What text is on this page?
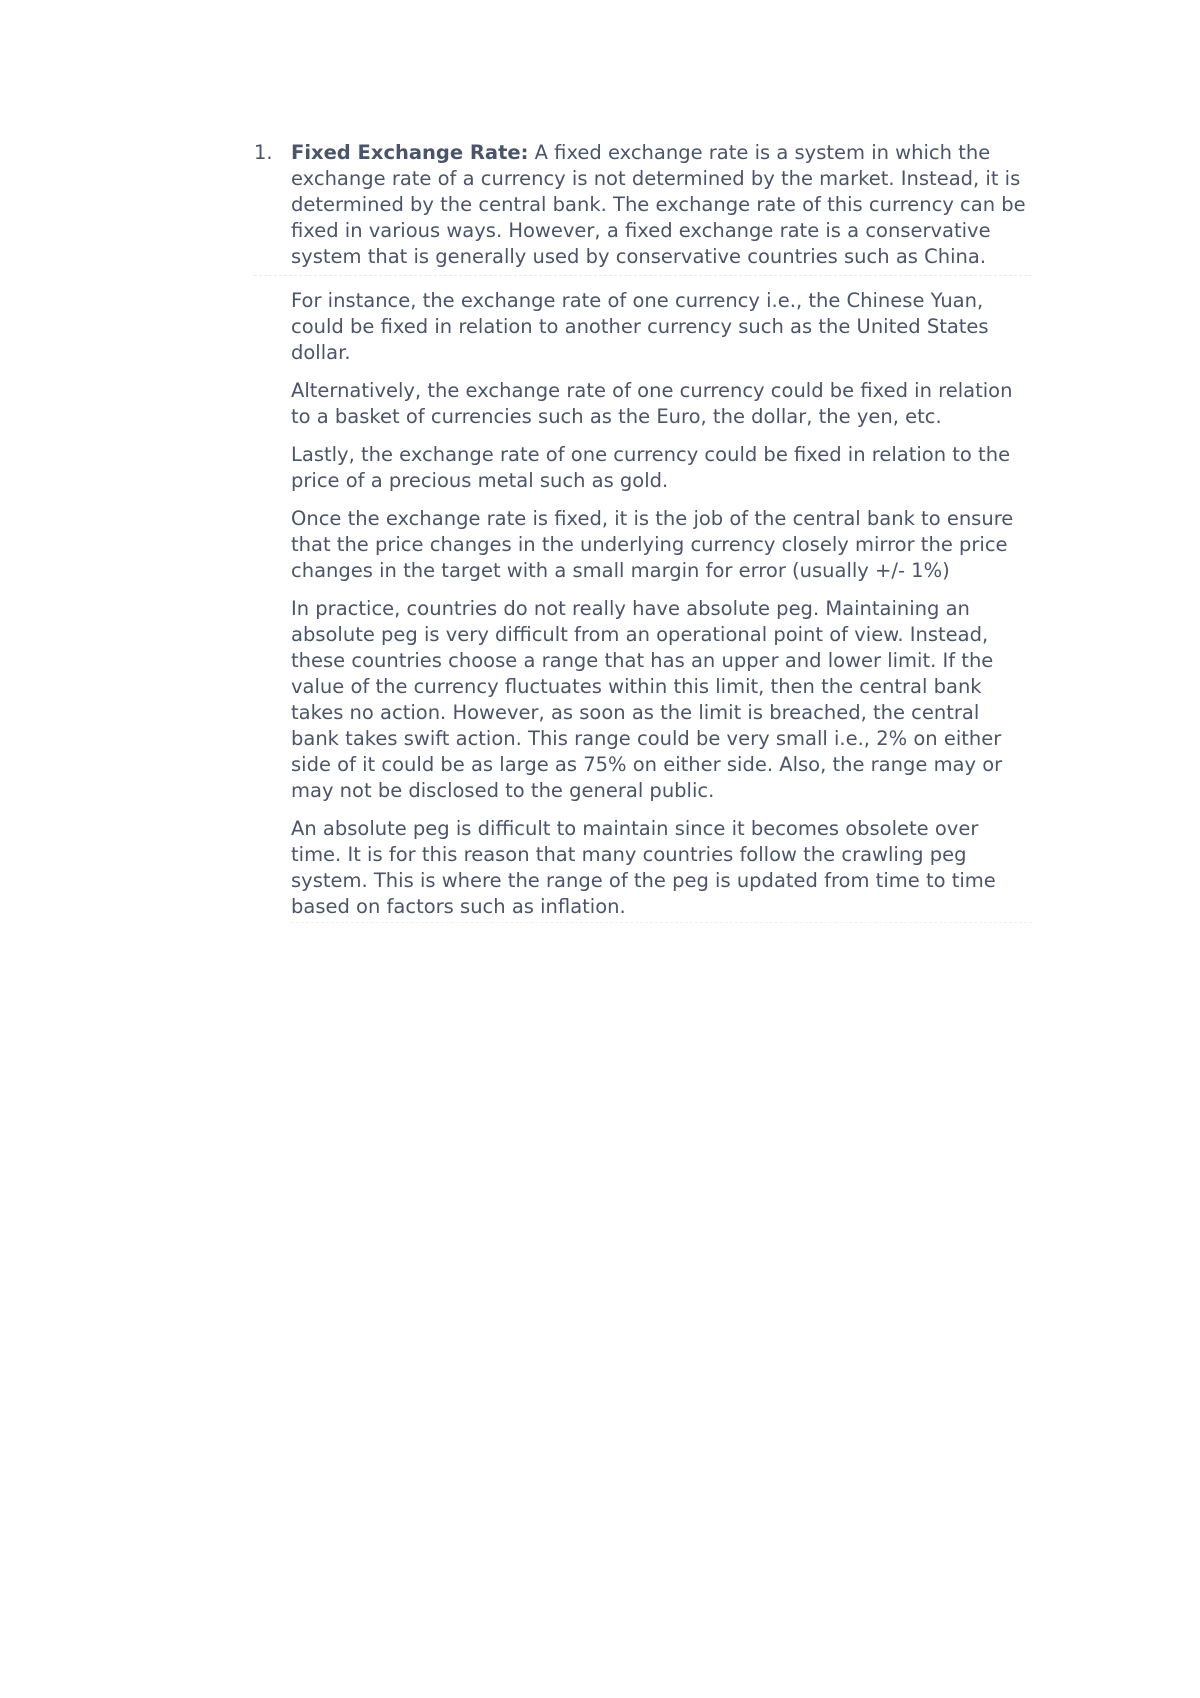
1. Fixed Exchange Rate: A fixed exchange rate is a system in which the exchange rate of a currency is not determined by the market. Instead, it is determined by the central bank. The exchange rate of this currency can be fixed in various ways. However, a fixed exchange rate is a conservative system that is generally used by conservative countries such as China.

For instance, the exchange rate of one currency i.e., the Chinese Yuan, could be fixed in relation to another currency such as the United States dollar.

Alternatively, the exchange rate of one currency could be fixed in relation to a basket of currencies such as the Euro, the dollar, the yen, etc.

Lastly, the exchange rate of one currency could be fixed in relation to the price of a precious metal such as gold.

Once the exchange rate is fixed, it is the job of the central bank to ensure that the price changes in the underlying currency closely mirror the price changes in the target with a small margin for error (usually +/- 1%)

In practice, countries do not really have absolute peg. Maintaining an absolute peg is very difficult from an operational point of view. Instead, these countries choose a range that has an upper and lower limit. If the value of the currency fluctuates within this limit, then the central bank takes no action. However, as soon as the limit is breached, the central bank takes swift action. This range could be very small i.e., 2% on either side of it could be as large as 75% on either side. Also, the range may or may not be disclosed to the general public.

An absolute peg is difficult to maintain since it becomes obsolete over time. It is for this reason that many countries follow the crawling peg system. This is where the range of the peg is updated from time to time based on factors such as inflation.
